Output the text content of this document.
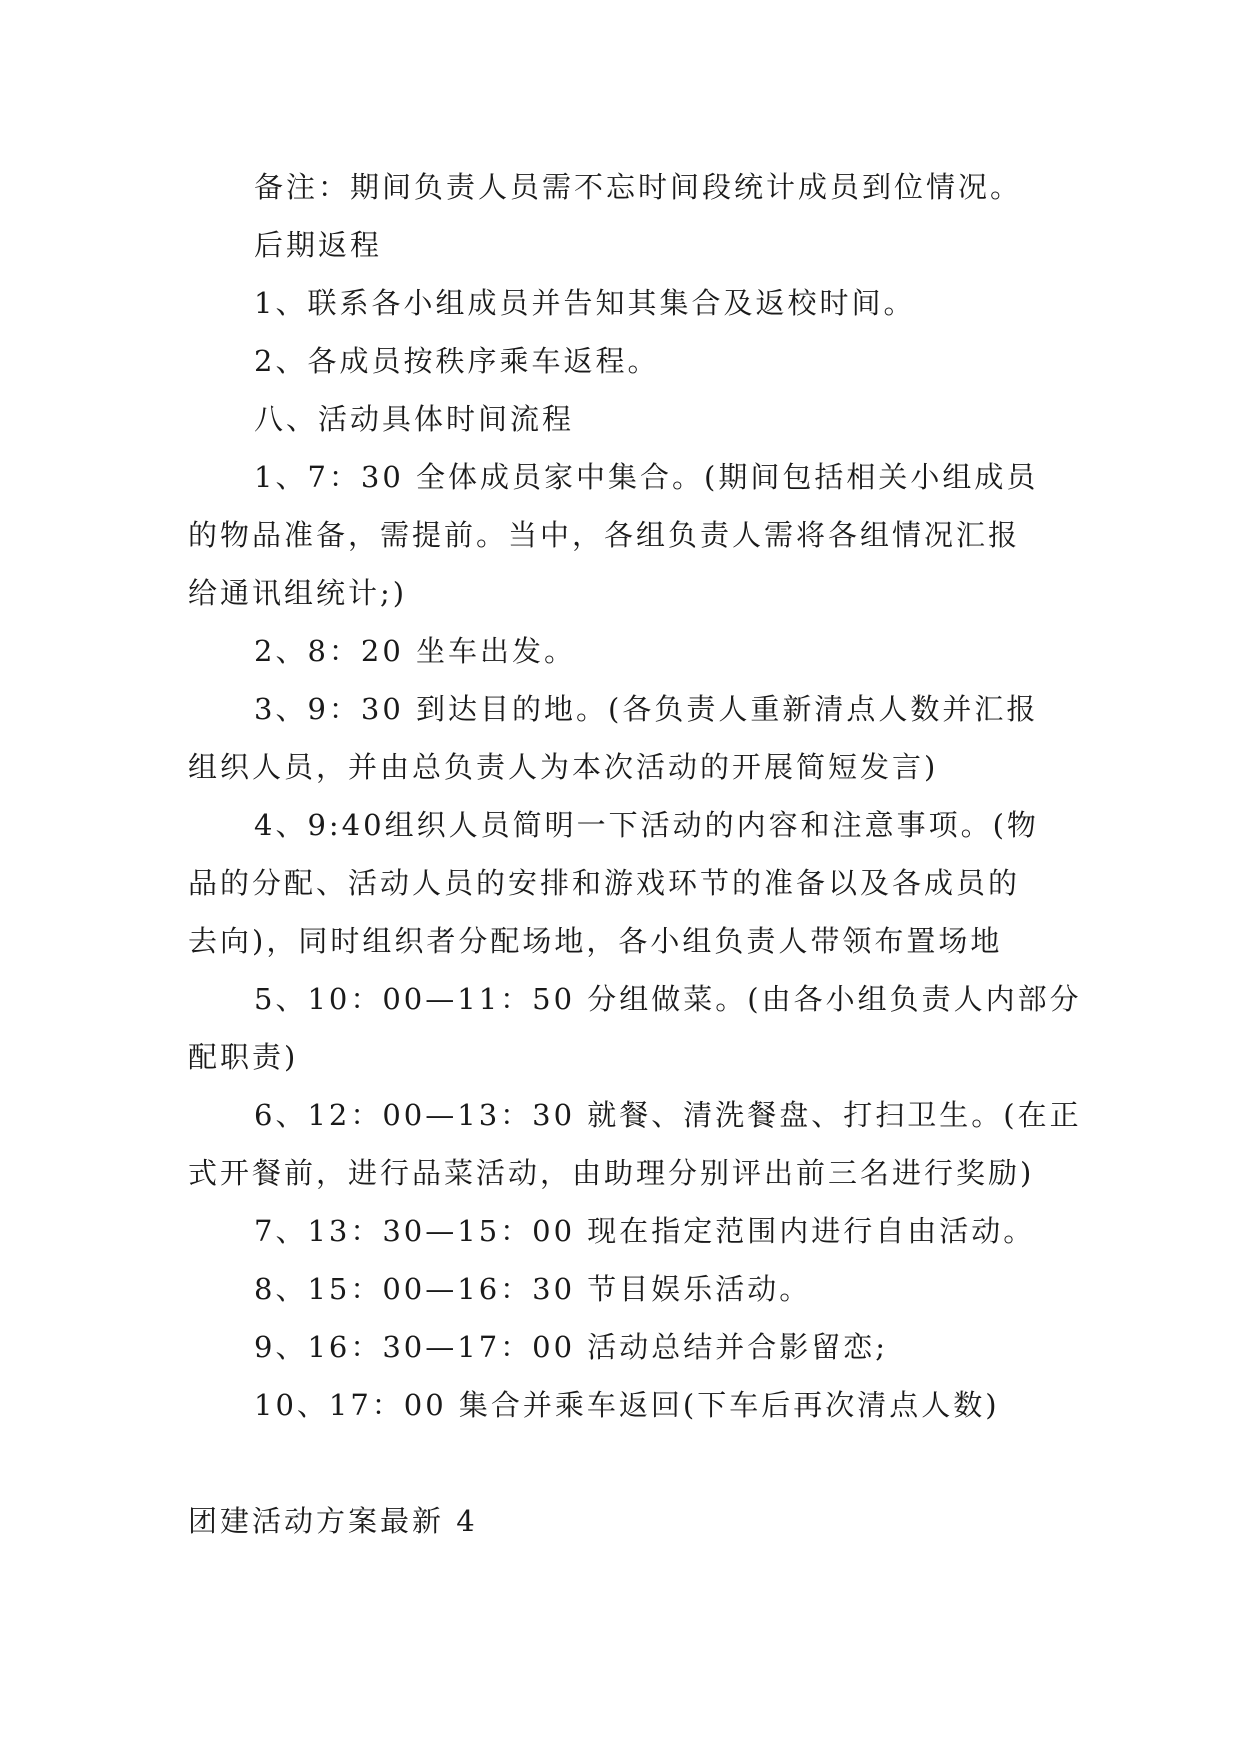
备注：期间负责人员需不忘时间段统计成员到位情况。
后期返程
1、联系各小组成员并告知其集合及返校时间。
2、各成员按秩序乘车返程。
八、活动具体时间流程
1、7：30 全体成员家中集合。(期间包括相关小组成员
的物品准备，需提前。当中，各组负责人需将各组情况汇报
给通讯组统计;)
2、8：20 坐车出发。
3、9：30 到达目的地。(各负责人重新清点人数并汇报
组织人员，并由总负责人为本次活动的开展简短发言)
4、9:40组织人员简明一下活动的内容和注意事项。(物
品的分配、活动人员的安排和游戏环节的准备以及各成员的
去向)，同时组织者分配场地，各小组负责人带领布置场地
5、10：00—11：50 分组做菜。(由各小组负责人内部分
配职责)
6、12：00—13：30 就餐、清洗餐盘、打扫卫生。(在正
式开餐前，进行品菜活动，由助理分别评出前三名进行奖励)
7、13：30—15：00 现在指定范围内进行自由活动。
8、15：00—16：30 节目娱乐活动。
9、16：30—17：00 活动总结并合影留恋;
10、17：00 集合并乘车返回(下车后再次清点人数)
团建活动方案最新 4
